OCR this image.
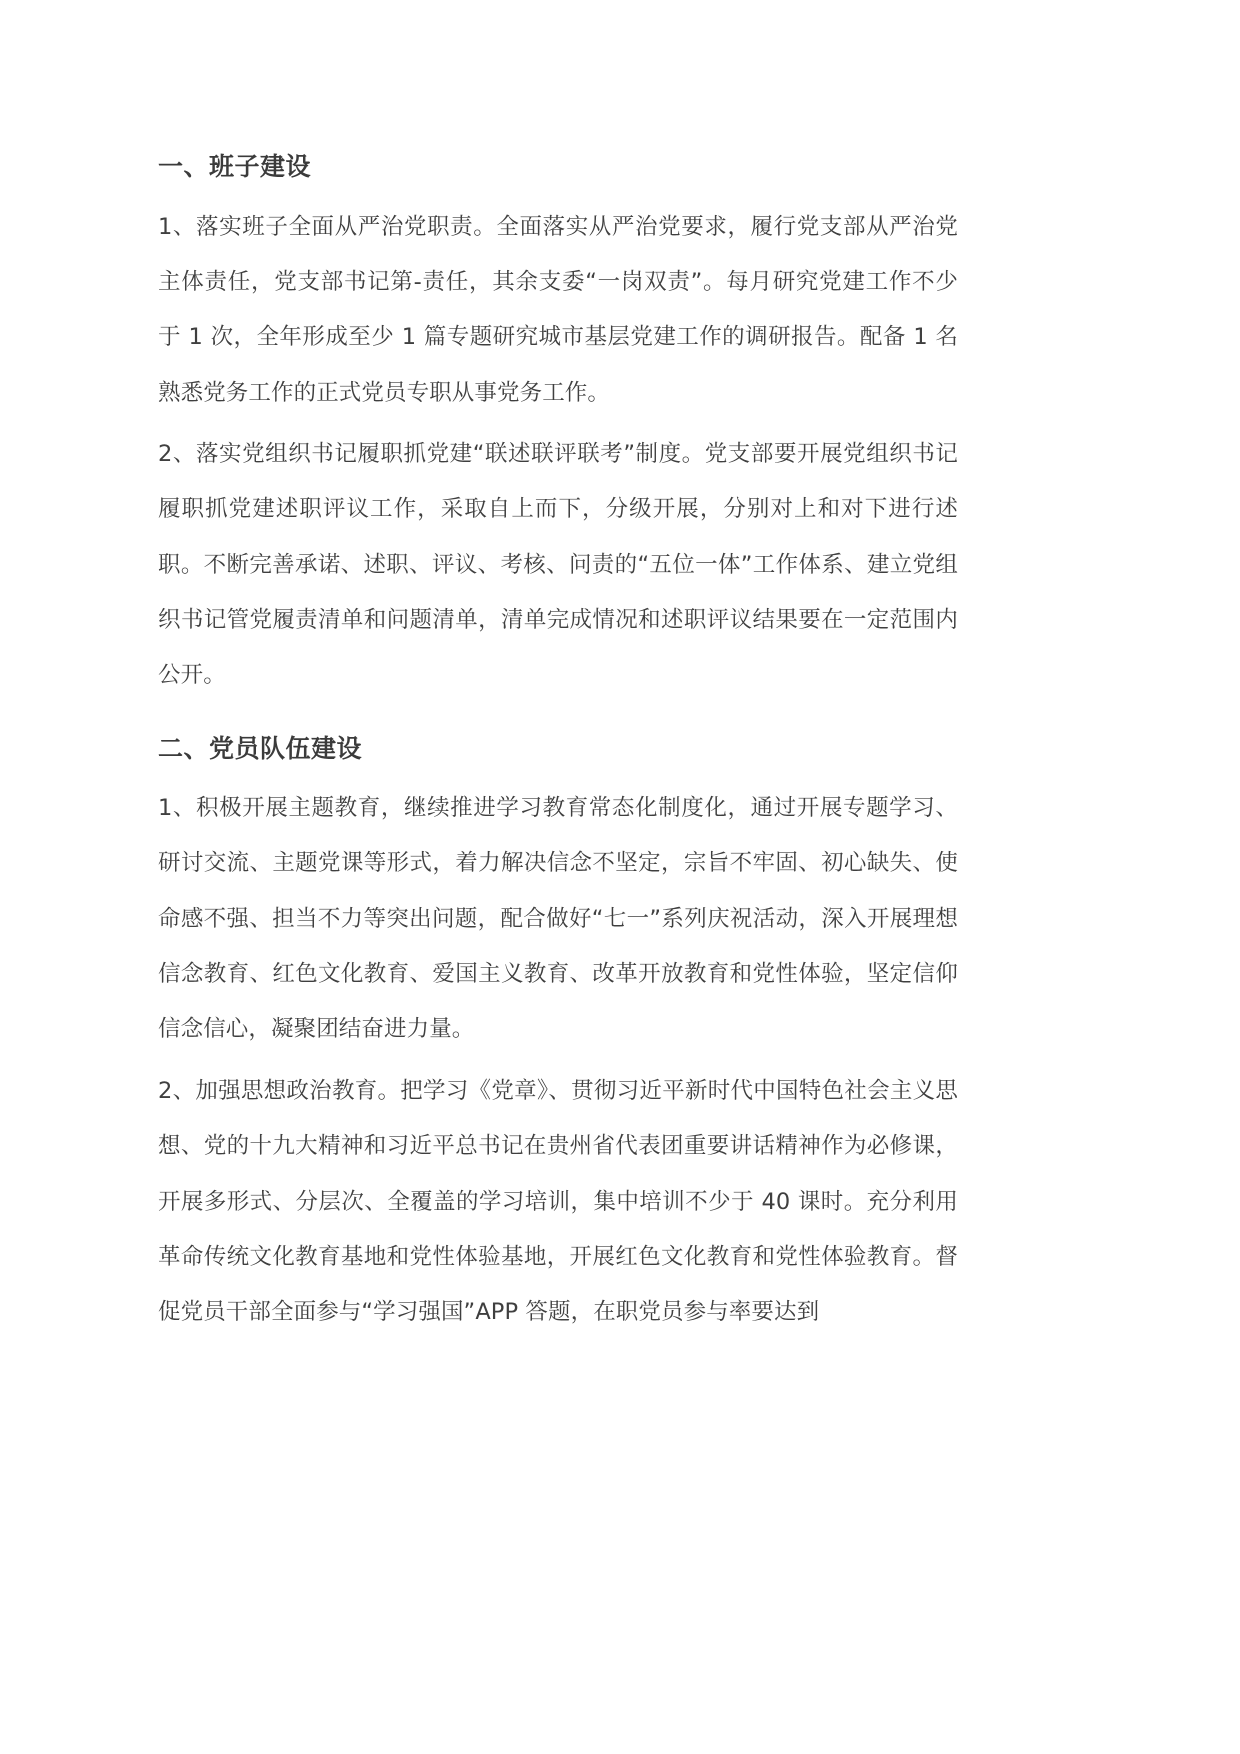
一、班子建设

1、落实班子全面从严治党职责。全面落实从严治党要求，履行党支部从严治党主体责任，党支部书记第-责任，其余支委“一岗双责”。每月研究党建工作不少于 1 次，全年形成至少 1 篇专题研究城市基层党建工作的调研报告。配备 1 名熟悉党务工作的正式党员专职从事党务工作。

2、落实党组织书记履职抓党建“联述联评联考”制度。党支部要开展党组织书记履职抓党建述职评议工作，采取自上而下，分级开展，分别对上和对下进行述职。不断完善承诺、述职、评议、考核、问责的“五位一体”工作体系、建立党组织书记管党履责清单和问题清单，清单完成情况和述职评议结果要在一定范围内公开。

二、党员队伍建设

1、积极开展主题教育，继续推进学习教育常态化制度化，通过开展专题学习、研讨交流、主题党课等形式，着力解决信念不坚定，宗旨不牢固、初心缺失、使命感不强、担当不力等突出问题，配合做好“七一”系列庆祝活动，深入开展理想信念教育、红色文化教育、爱国主义教育、改革开放教育和党性体验，坚定信仰信念信心，凝聚团结奋进力量。

2、加强思想政治教育。把学习《党章》、贯彻习近平新时代中国特色社会主义思想、党的十九大精神和习近平总书记在贵州省代表团重要讲话精神作为必修课，开展多形式、分层次、全覆盖的学习培训，集中培训不少于 40 课时。充分利用革命传统文化教育基地和党性体验基地，开展红色文化教育和党性体验教育。督促党员干部全面参与“学习强国”APP 答题，在职党员参与率要达到
